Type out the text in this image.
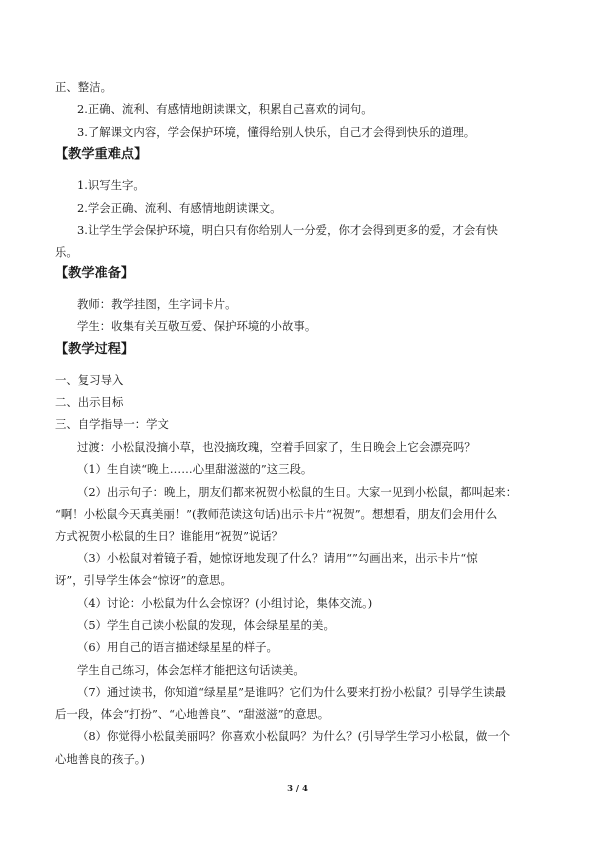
正、整洁。
2.正确、流利、有感情地朗读课文，积累自己喜欢的词句。
3.了解课文内容，学会保护环境，懂得给别人快乐，自己才会得到快乐的道理。
【教学重难点】
1.识写生字。
2.学会正确、流利、有感情地朗读课文。
3.让学生学会保护环境，明白只有你给别人一分爱，你才会得到更多的爱，才会有快
乐。
【教学准备】
教师：教学挂图，生字词卡片。
学生：收集有关互敬互爱、保护环境的小故事。
【教学过程】
一、复习导入
二、出示目标
三、自学指导一：学文
过渡：小松鼠没摘小草，也没摘玫瑰，空着手回家了，生日晚会上它会漂亮吗？
（1）生自读“晚上……心里甜滋滋的”这三段。
（2）出示句子：晚上，朋友们都来祝贺小松鼠的生日。大家一见到小松鼠，都叫起来：
“啊！小松鼠今天真美丽！”(教师范读这句话)出示卡片“祝贺”。想想看，朋友们会用什么
方式祝贺小松鼠的生日？谁能用“祝贺”说话？
（3）小松鼠对着镜子看，她惊讶地发现了什么？请用“”勾画出来，出示卡片“惊
讶”，引导学生体会“惊讶”的意思。
（4）讨论：小松鼠为什么会惊讶？(小组讨论，集体交流。)
（5）学生自己读小松鼠的发现，体会绿星星的美。
（6）用自己的语言描述绿星星的样子。
学生自己练习，体会怎样才能把这句话读美。
（7）通过读书，你知道“绿星星”是谁吗？它们为什么要来打扮小松鼠？引导学生读最
后一段，体会“打扮”、“心地善良”、“甜滋滋”的意思。
（8）你觉得小松鼠美丽吗？你喜欢小松鼠吗？为什么？(引导学生学习小松鼠，做一个
心地善良的孩子。)
3 / 4
